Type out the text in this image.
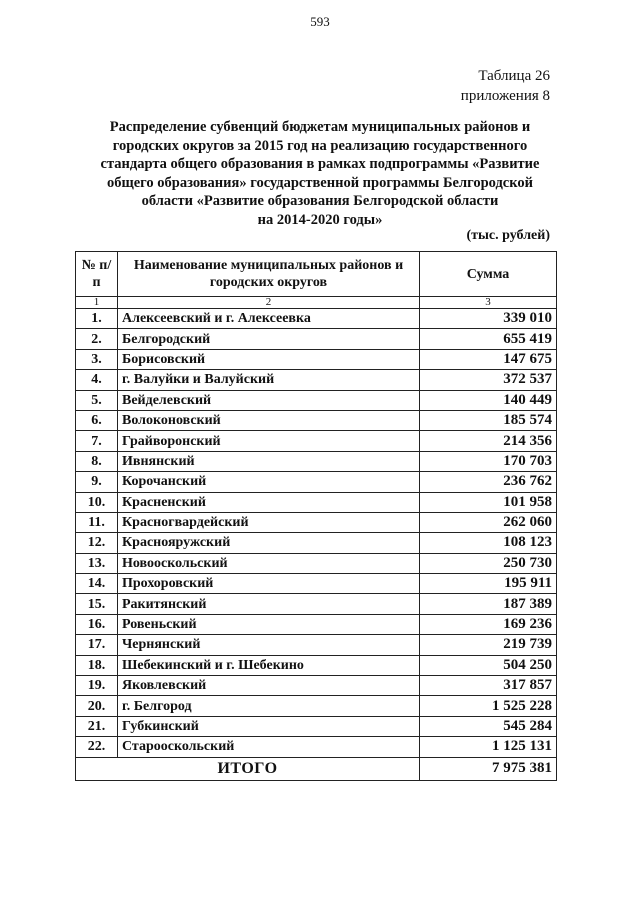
593
Таблица 26
приложения 8
Распределение субвенций бюджетам муниципальных районов и
городских округов за 2015 год на реализацию государственного
стандарта общего образования в рамках подпрограммы «Развитие
общего образования» государственной программы Белгородской
области «Развитие образования Белгородской области
на 2014-2020 годы»
(тыс. рублей)
№ п/п	Наименование муниципальных районов и городских округов	Сумма
1	2	3
1.	Алексеевский и г. Алексеевка	339 010
2.	Белгородский	655 419
3.	Борисовский	147 675
4.	г. Валуйки и Валуйский	372 537
5.	Вейделевский	140 449
6.	Волоконовский	185 574
7.	Грайворонский	214 356
8.	Ивнянский	170 703
9.	Корочанский	236 762
10.	Красненский	101 958
11.	Красногвардейский	262 060
12.	Краснояружский	108 123
13.	Новооскольский	250 730
14.	Прохоровский	195 911
15.	Ракитянский	187 389
16.	Ровеньский	169 236
17.	Чернянский	219 739
18.	Шебекинский и г. Шебекино	504 250
19.	Яковлевский	317 857
20.	г. Белгород	1 525 228
21.	Губкинский	545 284
22.	Старооскольский	1 125 131
ИТОГО		7 975 381
